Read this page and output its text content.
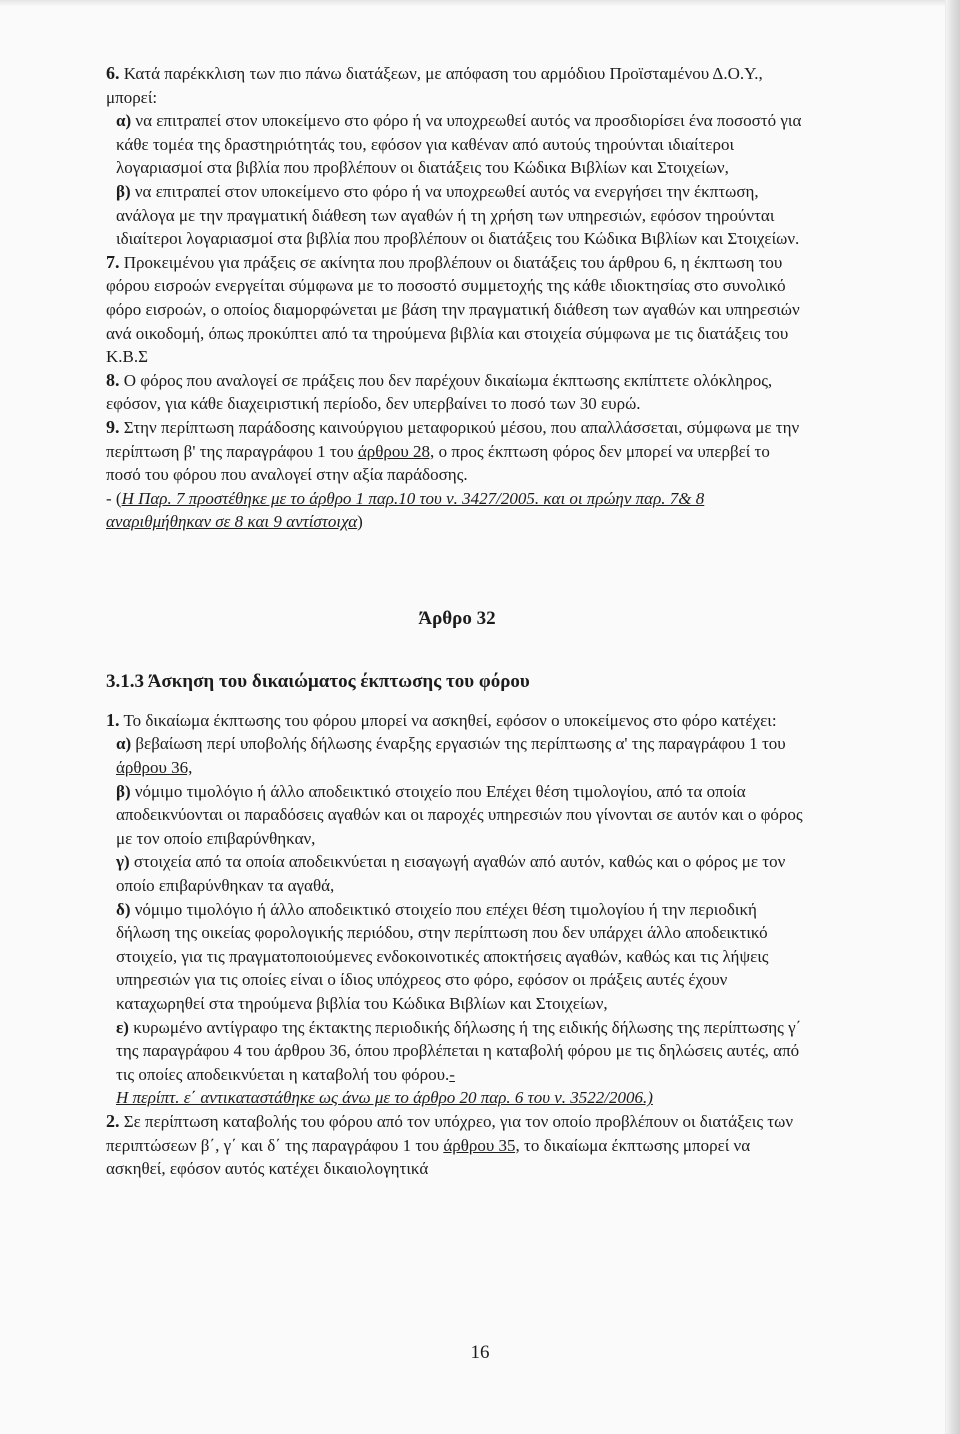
6. Κατά παρέκκλιση των πιο πάνω διατάξεων, με απόφαση του αρμόδιου Προϊσταμένου Δ.Ο.Υ., μπορεί:

α) να επιτραπεί στον υποκείμενο στο φόρο ή να υποχρεωθεί αυτός να προσδιορίσει ένα ποσοστό για κάθε τομέα της δραστηριότητάς του, εφόσον για καθέναν από αυτούς τηρούνται ιδιαίτεροι λογαριασμοί στα βιβλία που προβλέπουν οι διατάξεις του Κώδικα Βιβλίων και Στοιχείων,

β) να επιτραπεί στον υποκείμενο στο φόρο ή να υποχρεωθεί αυτός να ενεργήσει την έκπτωση, ανάλογα με την πραγματική διάθεση των αγαθών ή τη χρήση των υπηρεσιών, εφόσον τηρούνται ιδιαίτεροι λογαριασμοί στα βιβλία που προβλέπουν οι διατάξεις του Κώδικα Βιβλίων και Στοιχείων.

7. Προκειμένου για πράξεις σε ακίνητα που προβλέπουν οι διατάξεις του άρθρου 6, η έκπτωση του φόρου εισροών ενεργείται σύμφωνα με το ποσοστό συμμετοχής της κάθε ιδιοκτησίας στο συνολικό φόρο εισροών, ο οποίος διαμορφώνεται με βάση την πραγματική διάθεση των αγαθών και υπηρεσιών ανά οικοδομή, όπως προκύπτει από τα τηρούμενα βιβλία και στοιχεία σύμφωνα με τις διατάξεις του Κ.Β.Σ

8. Ο φόρος που αναλογεί σε πράξεις που δεν παρέχουν δικαίωμα έκπτωσης εκπίπτετε ολόκληρος, εφόσον, για κάθε διαχειριστική περίοδο, δεν υπερβαίνει το ποσό των 30 ευρώ.

9. Στην περίπτωση παράδοσης καινούργιου μεταφορικού μέσου, που απαλλάσσεται, σύμφωνα με την περίπτωση β' της παραγράφου 1 του άρθρου 28, ο προς έκπτωση φόρος δεν μπορεί να υπερβεί το ποσό του φόρου που αναλογεί στην αξία παράδοσης.
- (Η Παρ. 7 προστέθηκε με το άρθρο 1 παρ.10 του ν. 3427/2005. και οι πρώην παρ. 7& 8 αναριθμήθηκαν σε 8 και 9 αντίστοιχα)

Άρθρο 32
3.1.3 Άσκηση του δικαιώματος έκπτωσης του φόρου

1. Το δικαίωμα έκπτωσης του φόρου μπορεί να ασκηθεί, εφόσον ο υποκείμενος στο φόρο κατέχει:

α) βεβαίωση περί υποβολής δήλωσης έναρξης εργασιών της περίπτωσης α' της παραγράφου 1 του άρθρου 36,

β) νόμιμο τιμολόγιο ή άλλο αποδεικτικό στοιχείο που Επέχει θέση τιμολογίου, από τα οποία αποδεικνύονται οι παραδόσεις αγαθών και οι παροχές υπηρεσιών που γίνονται σε αυτόν και ο φόρος με τον οποίο επιβαρύνθηκαν,

γ) στοιχεία από τα οποία αποδεικνύεται η εισαγωγή αγαθών από αυτόν, καθώς και ο φόρος με τον οποίο επιβαρύνθηκαν τα αγαθά,

δ) νόμιμο τιμολόγιο ή άλλο αποδεικτικό στοιχείο που επέχει θέση τιμολογίου ή την περιοδική δήλωση της οικείας φορολογικής περιόδου, στην περίπτωση που δεν υπάρχει άλλο αποδεικτικό στοιχείο, για τις πραγματοποιούμενες ενδοκοινοτικές αποκτήσεις αγαθών, καθώς και τις λήψεις υπηρεσιών για τις οποίες είναι ο ίδιος υπόχρεος στο φόρο, εφόσον οι πράξεις αυτές έχουν καταχωρηθεί στα τηρούμενα βιβλία του Κώδικα Βιβλίων και Στοιχείων,

ε) κυρωμένο αντίγραφο της έκτακτης περιοδικής δήλωσης ή της ειδικής δήλωσης της περίπτωσης γ΄ της παραγράφου 4 του άρθρου 36, όπου προβλέπεται η καταβολή φόρου με τις δηλώσεις αυτές, από τις οποίες αποδεικνύεται η καταβολή του φόρου.-
Η περίπτ. ε΄ αντικαταστάθηκε ως άνω με το άρθρο 20 παρ. 6 του ν. 3522/2006.)

2. Σε περίπτωση καταβολής του φόρου από τον υπόχρεο, για τον οποίο προβλέπουν οι διατάξεις των περιπτώσεων β΄, γ΄ και δ΄ της παραγράφου 1 του άρθρου 35, το δικαίωμα έκπτωσης μπορεί να ασκηθεί, εφόσον αυτός κατέχει δικαιολογητικά

16
